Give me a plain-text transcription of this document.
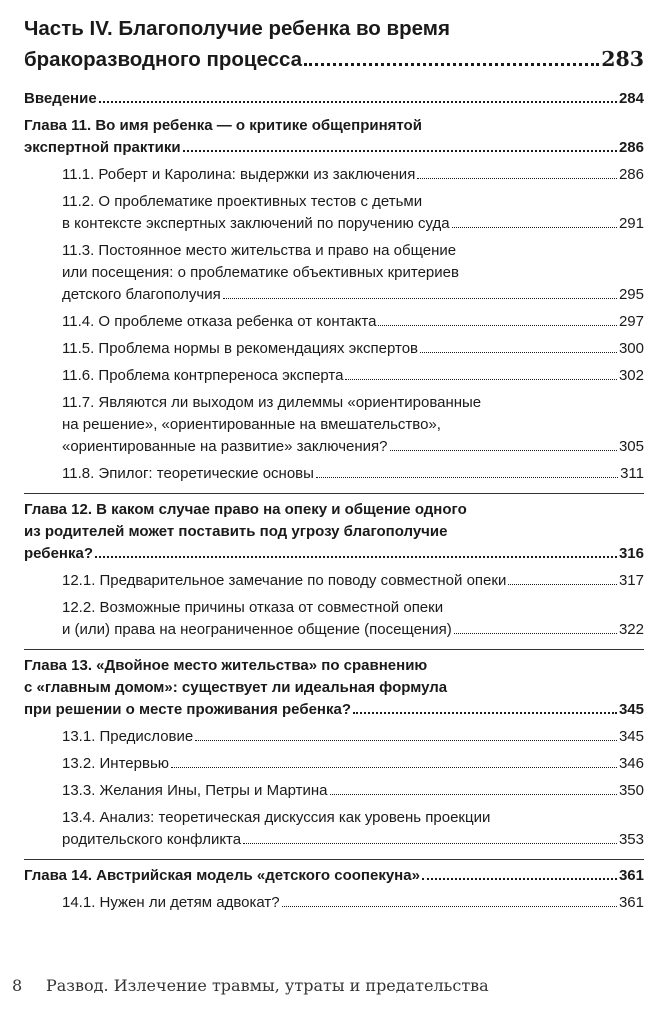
Часть IV. Благополучие ребенка во время
бракоразводного процесса	283
Введение	284
Глава 11. Во имя ребенка — о критике общепринятой
экспертной практики	286
11.1. Роберт и Каролина: выдержки из заключения	286
11.2. О проблематике проективных тестов с детьми
в контексте экспертных заключений по поручению суда	291
11.3. Постоянное место жительства и право на общение
или посещения: о проблематике объективных критериев
детского благополучия	295
11.4. О проблеме отказа ребенка от контакта	297
11.5. Проблема нормы в рекомендациях экспертов	300
11.6. Проблема контрпереноса эксперта	302
11.7. Являются ли выходом из дилеммы «ориентированные
на решение», «ориентированные на вмешательство»,
«ориентированные на развитие» заключения?	305
11.8. Эпилог: теоретические основы	311
Глава 12. В каком случае право на опеку и общение одного
из родителей может поставить под угрозу благополучие
ребенка?	316
12.1. Предварительное замечание по поводу совместной опеки	317
12.2. Возможные причины отказа от совместной опеки
и (или) права на неограниченное общение (посещения)	322
Глава 13. «Двойное место жительства» по сравнению
с «главным домом»: существует ли идеальная формула
при решении о месте проживания ребенка?	345
13.1. Предисловие	345
13.2. Интервью	346
13.3. Желания Ины, Петры и Мартина	350
13.4. Анализ: теоретическая дискуссия как уровень проекции
родительского конфликта	353
Глава 14. Австрийская модель «детского соопекуна»	361
14.1. Нужен ли детям адвокат?	361
8 Развод. Излечение травмы, утраты и предательства
